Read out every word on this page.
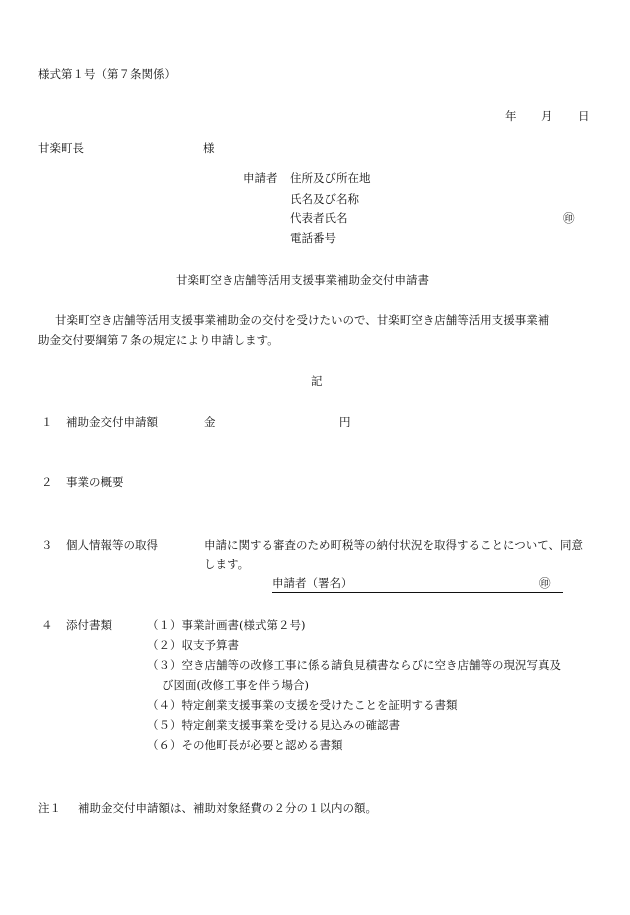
様式第１号（第７条関係）
年 月 日
甘楽町長	様
申請者 住所及び所在地
氏名及び名称
代表者氏名	㊞
電話番号
甘楽町空き店舗等活用支援事業補助金交付申請書
甘楽町空き店舗等活用支援事業補助金の交付を受けたいので、甘楽町空き店舗等活用支援事業補
助金交付要綱第７条の規定により申請します。
記
１ 補助金交付申請額	金	円
２ 事業の概要
３ 個人情報等の取得	申請に関する審査のため町税等の納付状況を取得することについて、同意
します。
申請者（署名）	㊞
４ 添付書類	（１）事業計画書(様式第２号)
（２）収支予算書
（３）空き店舗等の改修工事に係る請負見積書ならびに空き店舗等の現況写真及
び図面(改修工事を伴う場合)
（４）特定創業支援事業の支援を受けたことを証明する書類
（５）特定創業支援事業を受ける見込みの確認書
（６）その他町長が必要と認める書類
注１ 補助金交付申請額は、補助対象経費の２分の１以内の額。
